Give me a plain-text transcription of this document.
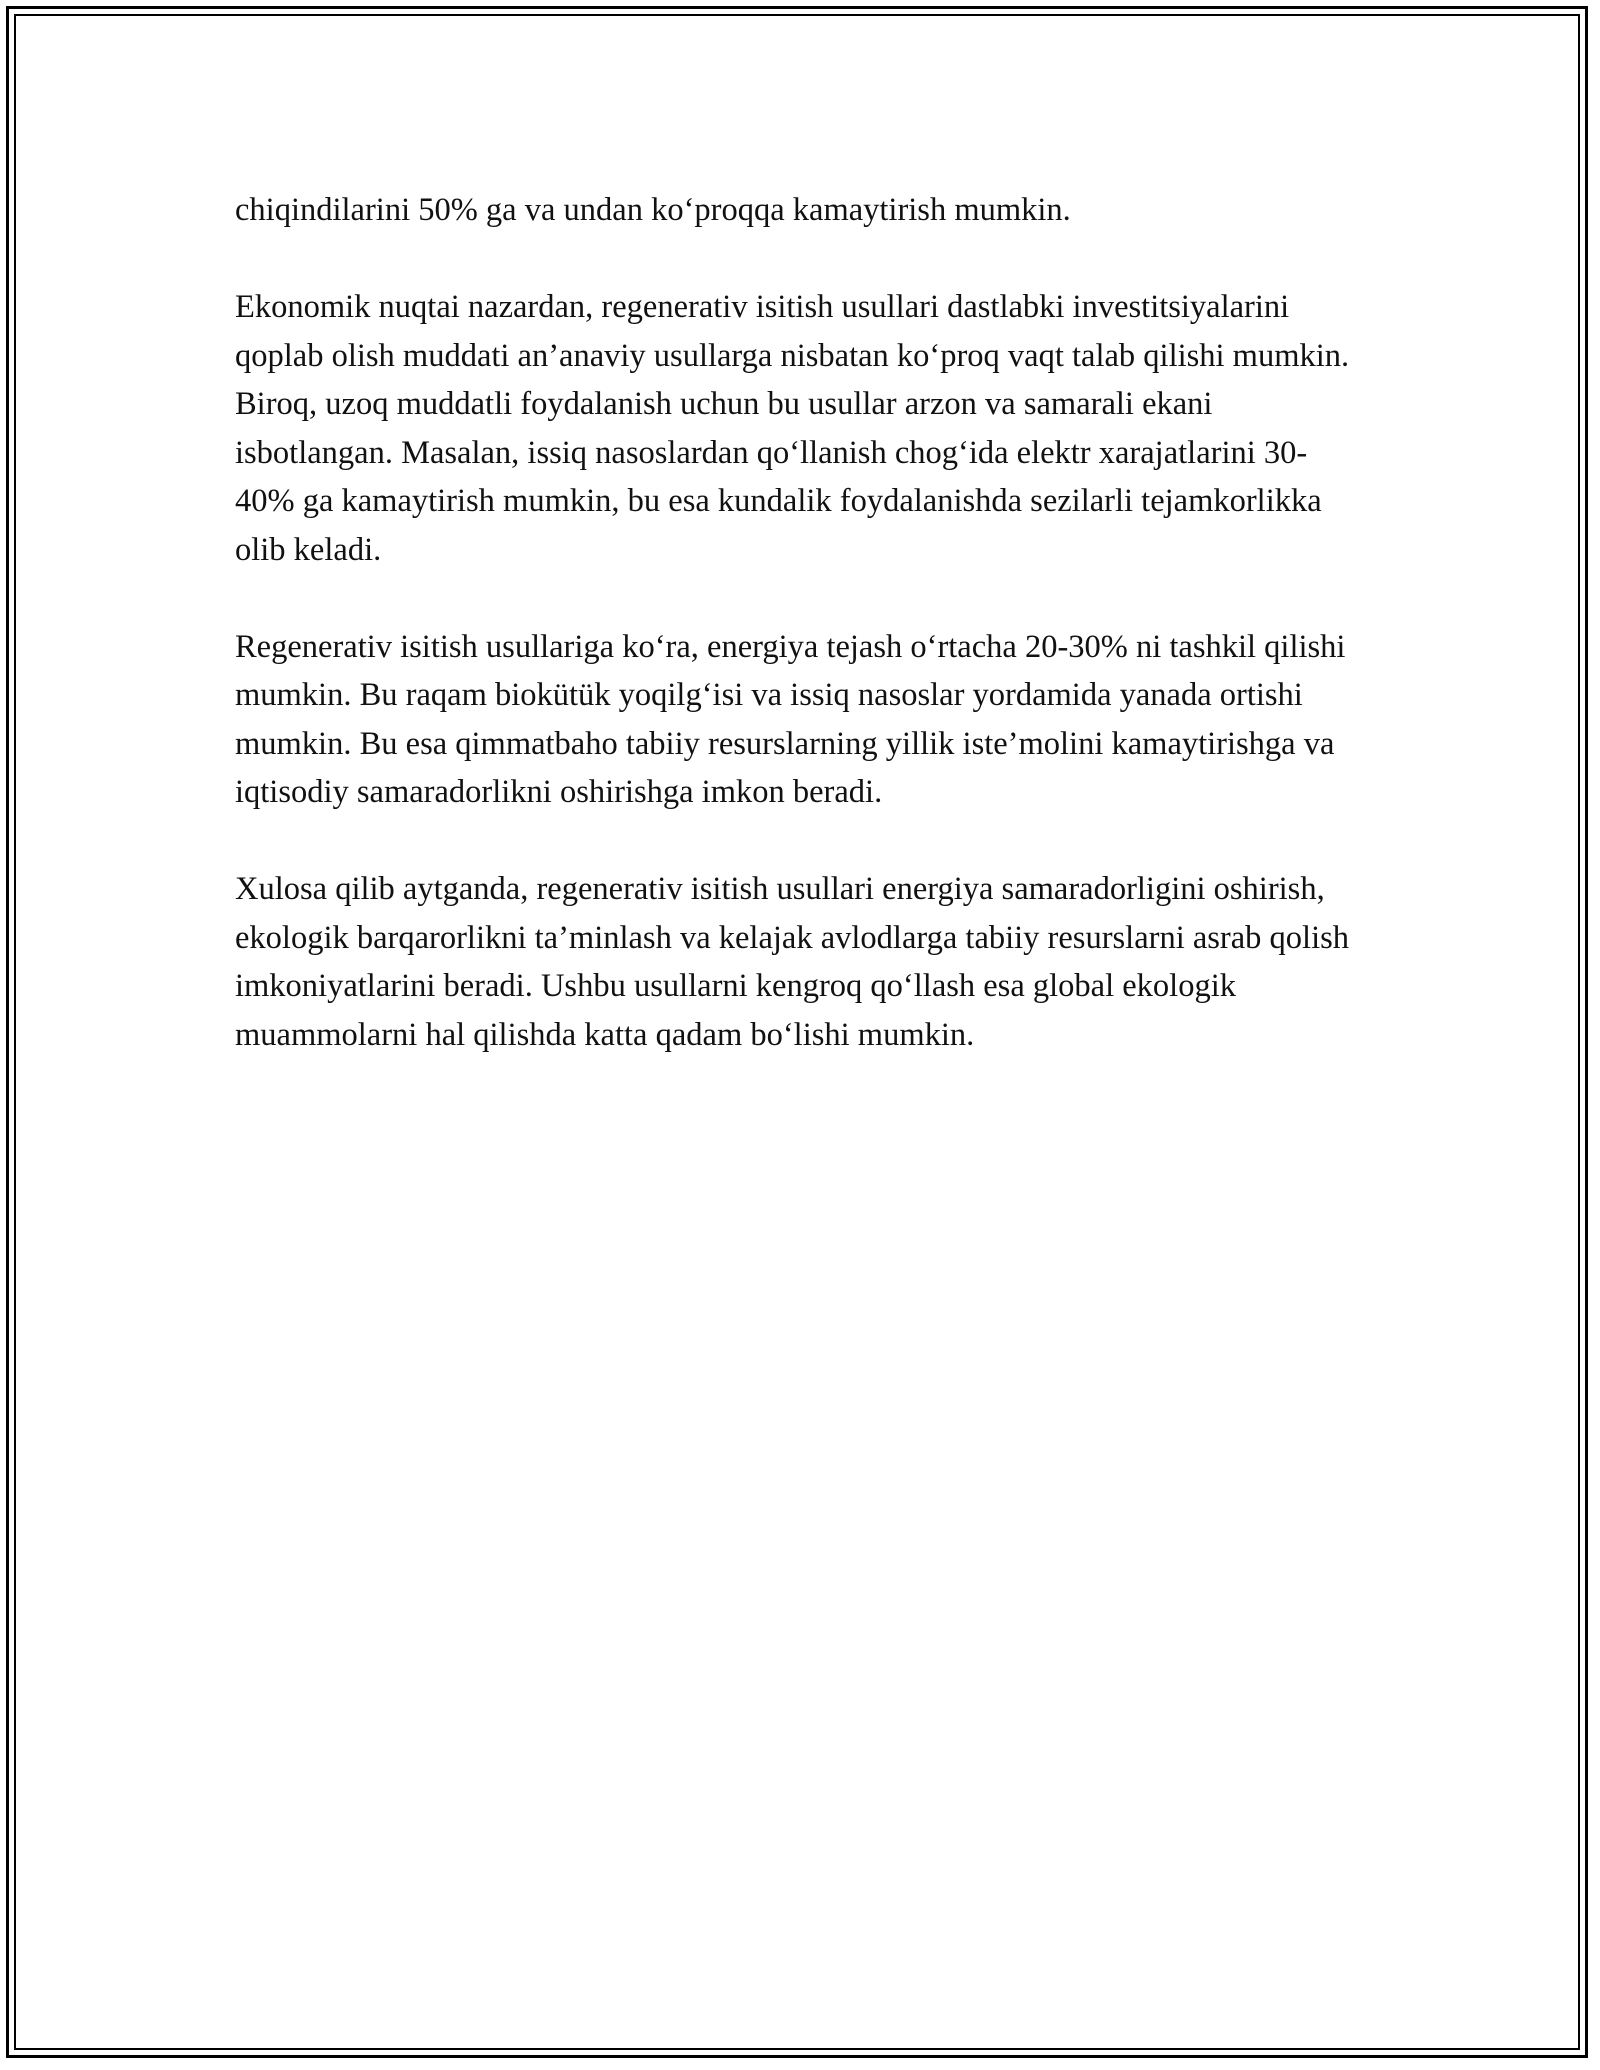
chiqindilarini 50% ga va undan ko‘proqqa kamaytirish mumkin.

Ekonomik nuqtai nazardan, regenerativ isitish usullari dastlabki investitsiyalarini qoplab olish muddati an’anaviy usullarga nisbatan ko‘proq vaqt talab qilishi mumkin. Biroq, uzoq muddatli foydalanish uchun bu usullar arzon va samarali ekani isbotlangan. Masalan, issiq nasoslardan qo‘llanish chog‘ida elektr xarajatlarini 30-40% ga kamaytirish mumkin, bu esa kundalik foydalanishda sezilarli tejamkorlikka olib keladi.

Regenerativ isitish usullariga ko‘ra, energiya tejash o‘rtacha 20-30% ni tashkil qilishi mumkin. Bu raqam biokütük yoqilg‘isi va issiq nasoslar yordamida yanada ortishi mumkin. Bu esa qimmatbaho tabiiy resurslarning yillik iste’molini kamaytirishga va iqtisodiy samaradorlikni oshirishga imkon beradi.

Xulosa qilib aytganda, regenerativ isitish usullari energiya samaradorligini oshirish, ekologik barqarorlikni ta’minlash va kelajak avlodlarga tabiiy resurslarni asrab qolish imkoniyatlarini beradi. Ushbu usullarni kengroq qo‘llash esa global ekologik muammolarni hal qilishda katta qadam bo‘lishi mumkin.
